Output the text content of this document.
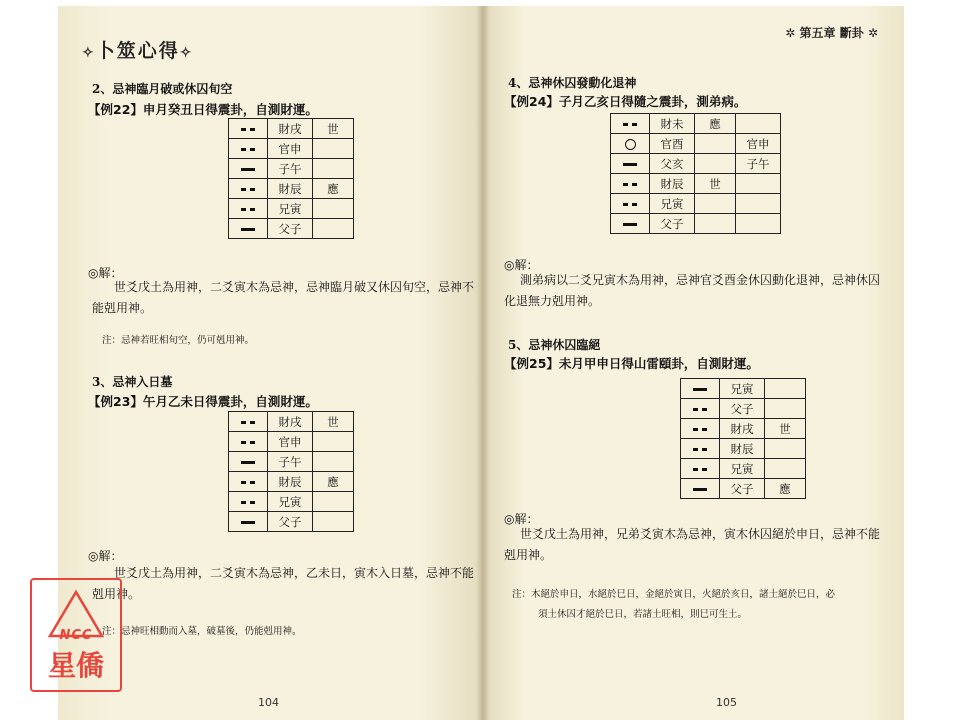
✧卜筮心得✧
2、忌神臨月破或休囚旬空
【例22】申月癸丑日得震卦，自測財運。
	財戌	世
	官申	
	子午	
	財辰	應
	兄寅	
	父子	
◎解：
世爻戊土為用神，二爻寅木為忌神，忌神臨月破又休囚旬空，忌神不
能剋用神。
注：忌神若旺相旬空，仍可剋用神。
3、忌神入日墓
【例23】午月乙未日得震卦，自測財運。
	財戌	世
	官申	
	子午	
	財辰	應
	兄寅	
	父子	
◎解：
世爻戊土為用神，二爻寅木為忌神，乙未日，寅木入日墓，忌神不能
剋用神。
注：忌神旺相動而入墓，破墓後，仍能剋用神。
104
✲ 第五章 斷卦 ✲
4、忌神休囚發動化退神
【例24】子月乙亥日得隨之震卦，測弟病。
	財未	應	
	官酉		官申
	父亥		子午
	財辰	世	
	兄寅		
	父子		
◎解：
測弟病以二爻兄寅木為用神，忌神官爻酉金休囚動化退神，忌神休囚
化退無力剋用神。
5、忌神休囚臨絕
【例25】未月甲申日得山雷頤卦，自測財運。
	兄寅	
	父子	
	財戌	世
	財辰	
	兄寅	
	父子	應
◎解：
世爻戊土為用神，兄弟爻寅木為忌神，寅木休囚絕於申日，忌神不能
剋用神。
注：木絕於申日，水絕於巳日，金絕於寅日，火絕於亥日，諸土絕於巳日，必
須土休囚才絕於巳日，若諸土旺相，則巳可生土。
105
NCC
星僑
